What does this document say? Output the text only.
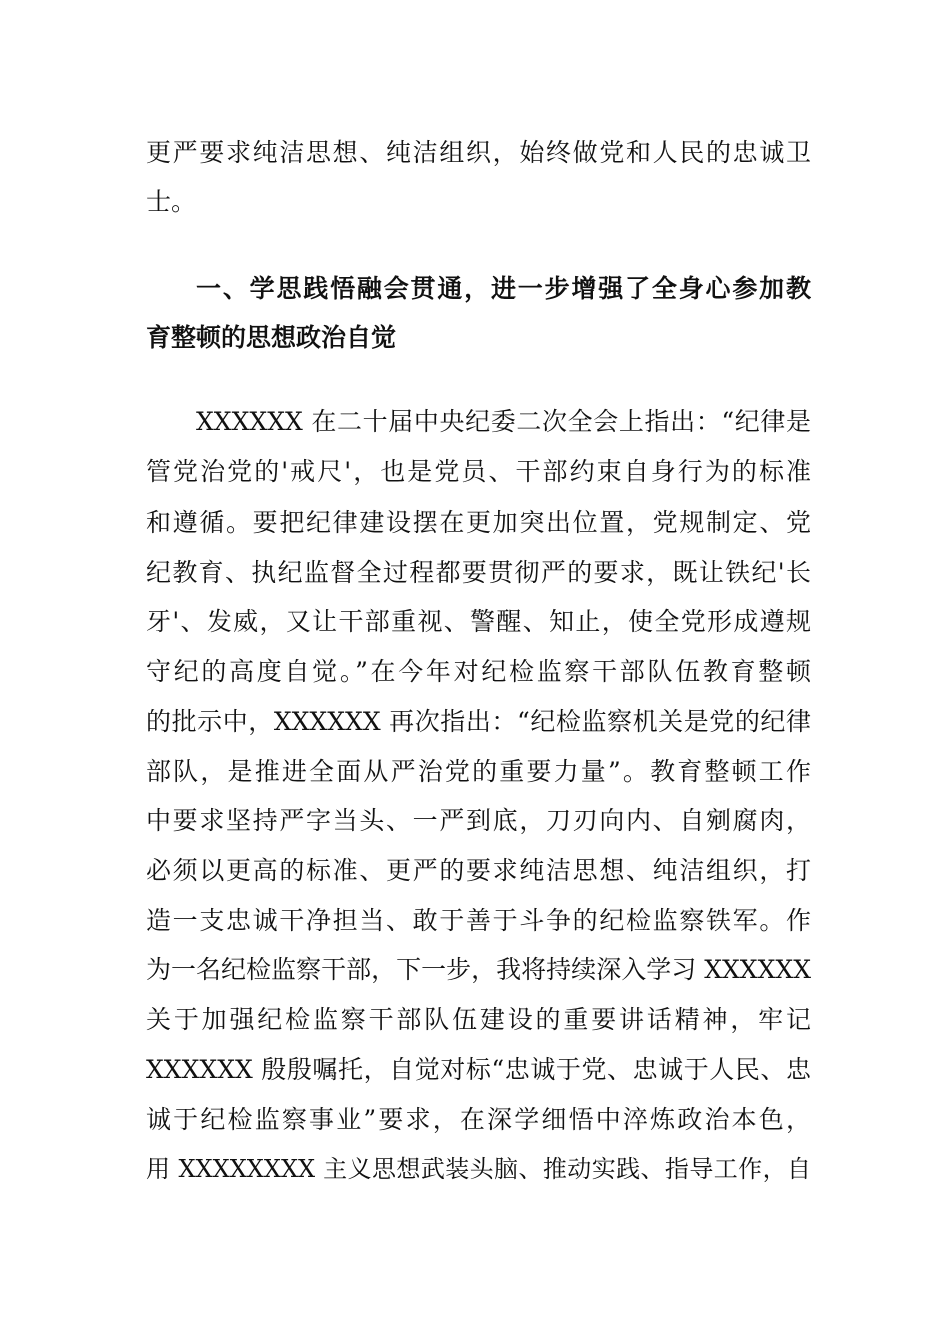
更严要求纯洁思想、纯洁组织，始终做党和人民的忠诚卫
士。
一、学思践悟融会贯通，进一步增强了全身心参加教
育整顿的思想政治自觉
XXXXXX 在二十届中央纪委二次全会上指出：“纪律是
管党治党的'戒尺'，也是党员、干部约束自身行为的标准
和遵循。要把纪律建设摆在更加突出位置，党规制定、党
纪教育、执纪监督全过程都要贯彻严的要求，既让铁纪'长
牙'、发威，又让干部重视、警醒、知止，使全党形成遵规
守纪的高度自觉。”在今年对纪检监察干部队伍教育整顿
的批示中，XXXXXX 再次指出：“纪检监察机关是党的纪律
部队，是推进全面从严治党的重要力量”。教育整顿工作
中要求坚持严字当头、一严到底，刀刃向内、自剜腐肉，
必须以更高的标准、更严的要求纯洁思想、纯洁组织，打
造一支忠诚干净担当、敢于善于斗争的纪检监察铁军。作
为一名纪检监察干部，下一步，我将持续深入学习 XXXXXX
关于加强纪检监察干部队伍建设的重要讲话精神，牢记
XXXXXX 殷殷嘱托，自觉对标“忠诚于党、忠诚于人民、忠
诚于纪检监察事业”要求，在深学细悟中淬炼政治本色，
用 XXXXXXXX 主义思想武装头脑、推动实践、指导工作，自
